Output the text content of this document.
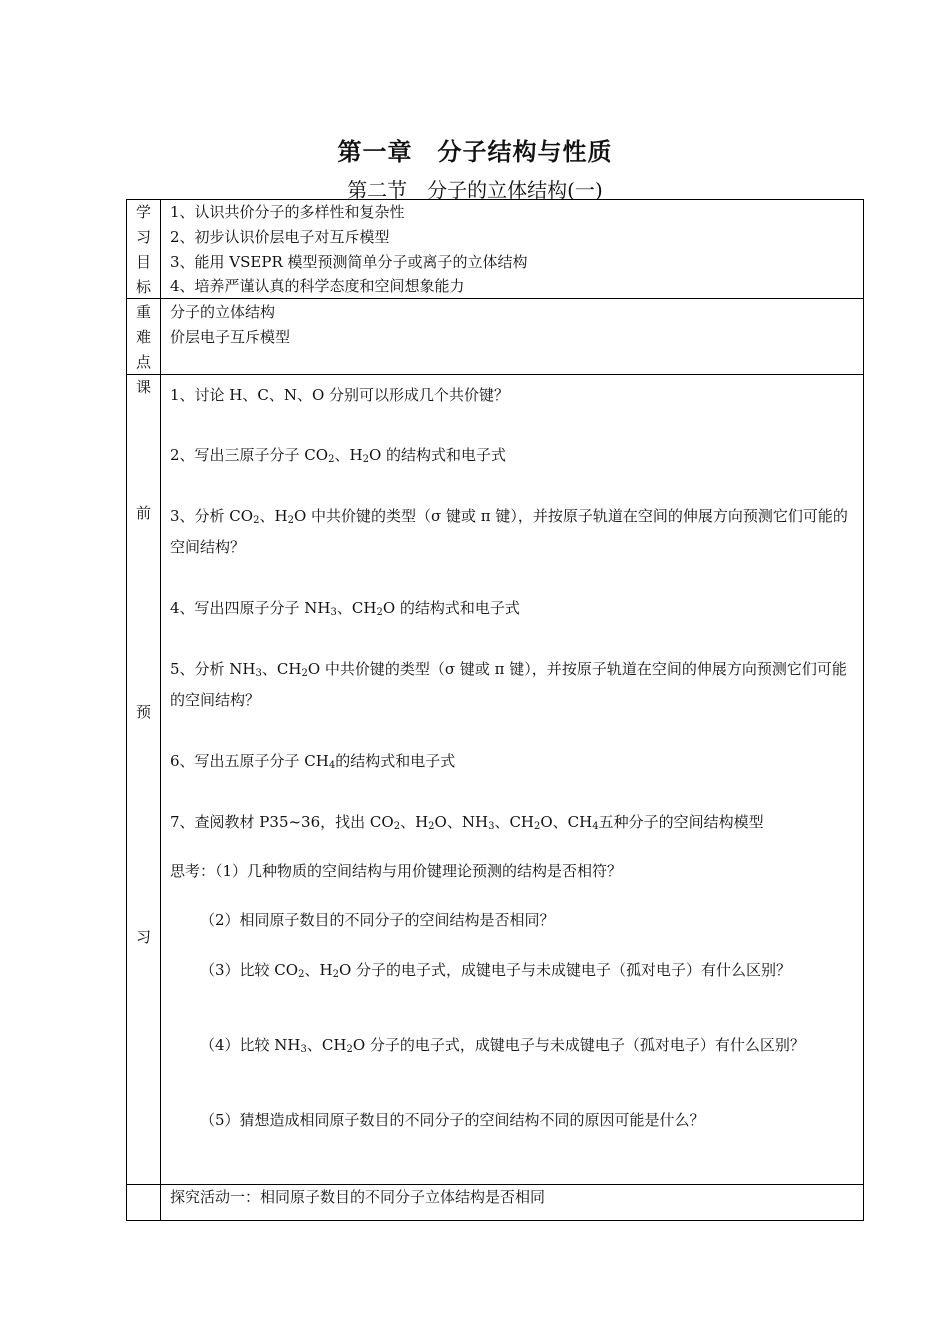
第一章　分子结构与性质
第二节　分子的立体结构(一)
学
习
目
标
1、认识共价分子的多样性和复杂性
2、初步认识价层电子对互斥模型
3、能用 VSEPR 模型预测简单分子或离子的立体结构
4、培养严谨认真的科学态度和空间想象能力
重
难
点
分子的立体结构
价层电子互斥模型
课
前
预
习
1、讨论 H、C、N、O 分别可以形成几个共价键？
2、写出三原子分子 $CO_2$、$H_2O$ 的结构式和电子式
3、分析 $CO_2$、$H_2O$ 中共价键的类型（σ 键或 π 键），并按原子轨道在空间的伸展方向预测它们可能的空间结构？
4、写出四原子分子 $NH_3$、$CH_2O$ 的结构式和电子式
5、分析 $NH_3$、$CH_2O$ 中共价键的类型（σ 键或 π 键），并按原子轨道在空间的伸展方向预测它们可能的空间结构？
6、写出五原子分子 $CH_4$的结构式和电子式
7、查阅教材 P35~36，找出 $CO_2$、$H_2O$、$NH_3$、$CH_2O$、$CH_4$五种分子的空间结构模型
思考：（1）几种物质的空间结构与用价键理论预测的结构是否相符？
（2）相同原子数目的不同分子的空间结构是否相同？
（3）比较 $CO_2$、$H_2O$ 分子的电子式，成键电子与未成键电子（孤对电子）有什么区别？
（4）比较 $NH_3$、$CH_2O$ 分子的电子式，成键电子与未成键电子（孤对电子）有什么区别？
（5）猜想造成相同原子数目的不同分子的空间结构不同的原因可能是什么？
探究活动一：相同原子数目的不同分子立体结构是否相同
